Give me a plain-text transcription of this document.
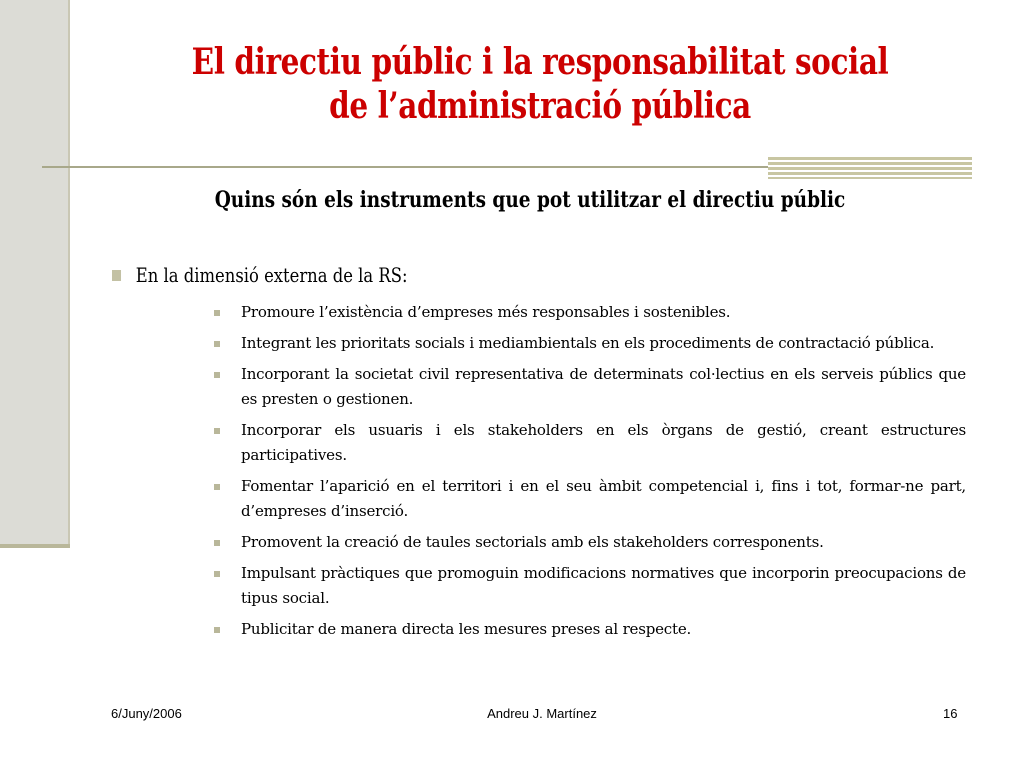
El directiu públic i la responsabilitat social de l’administració pública
Quins són els instruments que pot utilitzar el directiu públic
En la dimensió externa de la RS:
Promoure l’existència d’empreses més responsables i sostenibles.
Integrant les prioritats socials i mediambientals en els procediments de contractació pública.
Incorporant la societat civil representativa de determinats col·lectius en els serveis públics que es presten o gestionen.
Incorporar els usuaris i els stakeholders en els òrgans de gestió, creant estructures participatives.
Fomentar l’aparició en el territori i en el seu àmbit competencial i, fins i tot, formar-ne part, d’empreses d’inserció.
Promovent la creació de taules sectorials amb els stakeholders corresponents.
Impulsant pràctiques que promoguin modificacions normatives que incorporin preocupacions de tipus social.
Publicitar de manera directa les mesures preses al respecte.
6/Juny/2006	Andreu J. Martínez	16
